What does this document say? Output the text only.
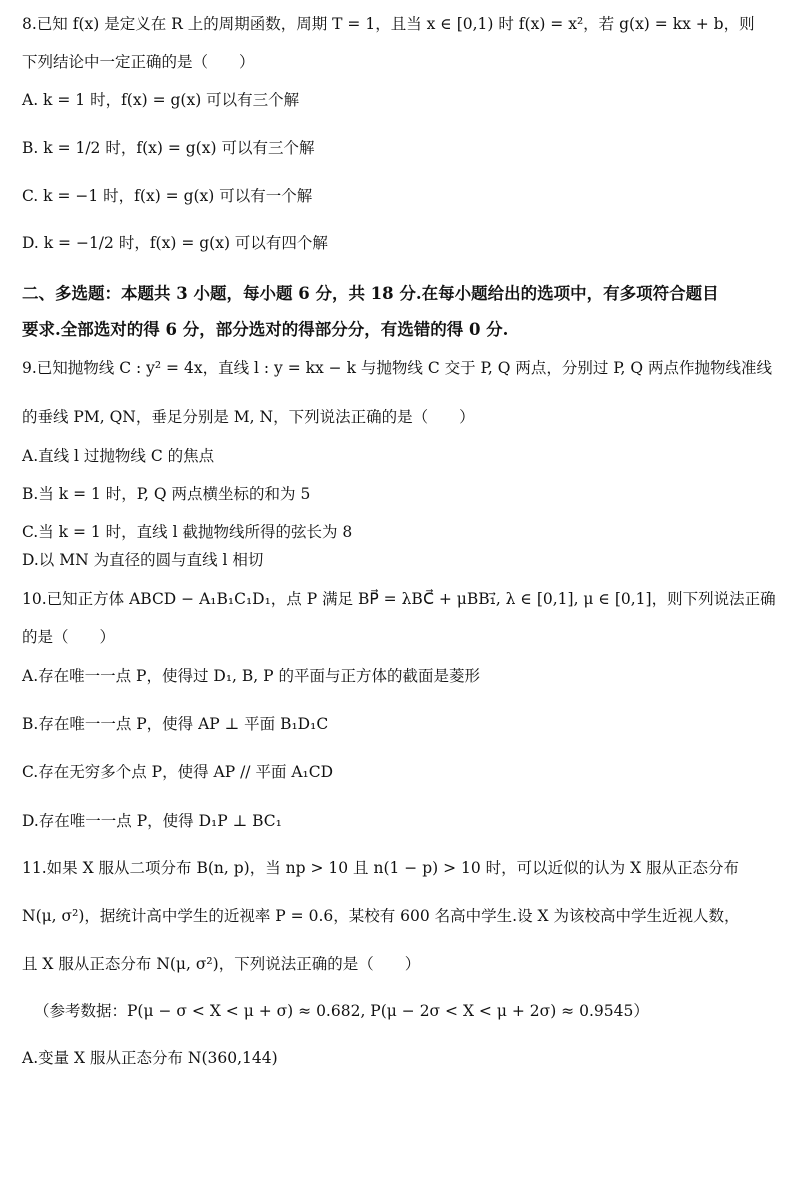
8.已知 f(x) 是定义在 R 上的周期函数，周期 T = 1，且当 x ∈ [0,1) 时 f(x) = x²，若 g(x) = kx + b，则
下列结论中一定正确的是（　　）
A. k = 1 时，f(x) = g(x) 可以有三个解
B. k = 1/2 时，f(x) = g(x) 可以有三个解
C. k = −1 时，f(x) = g(x) 可以有一个解
D. k = −1/2 时，f(x) = g(x) 可以有四个解
二、多选题：本题共 3 小题，每小题 6 分，共 18 分.在每小题给出的选项中，有多项符合题目
要求.全部选对的得 6 分，部分选对的得部分分，有选错的得 0 分.
9.已知抛物线 C : y² = 4x，直线 l : y = kx − k 与抛物线 C 交于 P, Q 两点，分别过 P, Q 两点作抛物线准线
的垂线 PM, QN，垂足分别是 M, N，下列说法正确的是（　　）
A.直线 l 过抛物线 C 的焦点
B.当 k = 1 时，P, Q 两点横坐标的和为 5
C.当 k = 1 时，直线 l 截抛物线所得的弦长为 8
D.以 MN 为直径的圆与直线 l 相切
10.已知正方体 ABCD − A₁B₁C₁D₁，点 P 满足 BP⃗ = λBC⃗ + μBB₁⃗, λ ∈ [0,1], μ ∈ [0,1]，则下列说法正确
的是（　　）
A.存在唯一一点 P，使得过 D₁, B, P 的平面与正方体的截面是菱形
B.存在唯一一点 P，使得 AP ⊥ 平面 B₁D₁C
C.存在无穷多个点 P，使得 AP // 平面 A₁CD
D.存在唯一一点 P，使得 D₁P ⊥ BC₁
11.如果 X 服从二项分布 B(n, p)，当 np > 10 且 n(1 − p) > 10 时，可以近似的认为 X 服从正态分布
N(μ, σ²)，据统计高中学生的近视率 P = 0.6，某校有 600 名高中学生.设 X 为该校高中学生近视人数，
且 X 服从正态分布 N(μ, σ²)，下列说法正确的是（　　）
（参考数据：P(μ − σ < X < μ + σ) ≈ 0.682, P(μ − 2σ < X < μ + 2σ) ≈ 0.9545）
A.变量 X 服从正态分布 N(360,144)
